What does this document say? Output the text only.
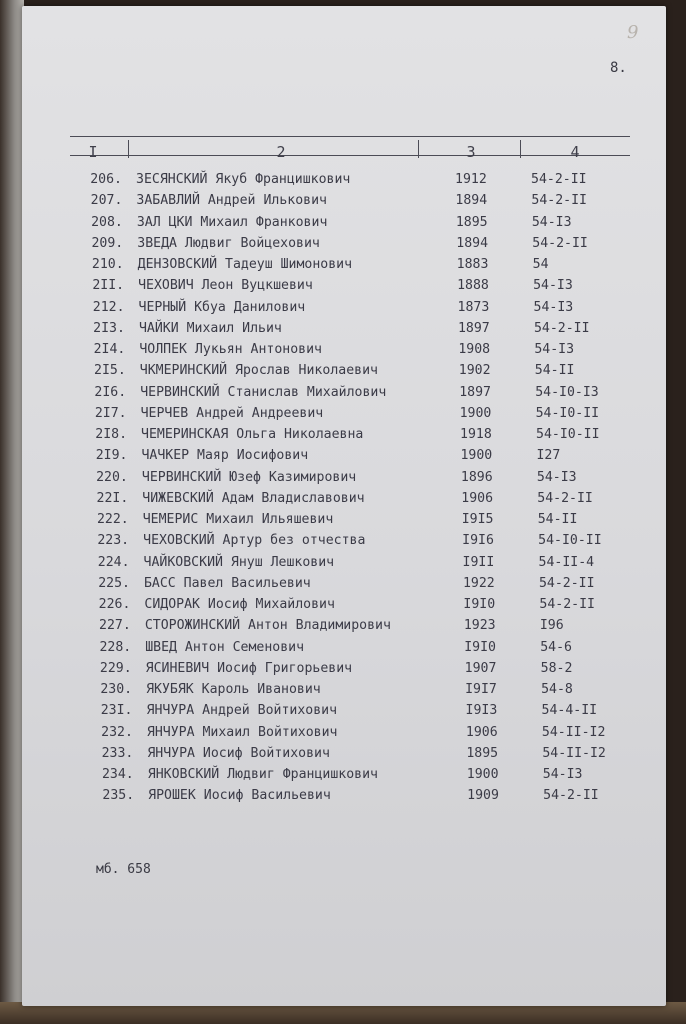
9
8.
I	2	3	4
206. ЗЕСЯНСКИЙ Якуб Францишкович	1912	54-2-II
207. ЗАБАВЛИЙ Андрей Илькович	1894	54-2-II
208. ЗАЛ ЦКИ Михаил Франкович	1895	54-I3
209. ЗВЕДА Людвиг Войцехович	1894	54-2-II
210. ДЕНЗОВСКИЙ Тадеуш Шимонович	1883	54
2II. ЧЕХОВИЧ Леон Вуцкшевич	1888	54-I3
212. ЧЕРНЫЙ Кбуа Данилович	1873	54-I3
2I3. ЧАЙКИ Михаил Ильич	1897	54-2-II
2I4. ЧОЛПЕК Лукьян Антонович	1908	54-I3
2I5. ЧКМЕРИНСКИЙ Ярослав Николаевич	1902	54-II
2I6. ЧЕРВИНСКИЙ Станислав Михайлович	1897	54-I0-I3
2I7. ЧЕРЧЕВ Андрей Андреевич	1900	54-I0-II
2I8. ЧЕМЕРИНСКАЯ Ольга Николаевна	1918	54-I0-II
2I9. ЧАЧКЕР Маяр Иосифович	1900	I27
220. ЧЕРВИНСКИЙ Юзеф Казимирович	1896	54-I3
22I. ЧИЖЕВСКИЙ Адам Владиславович	1906	54-2-II
222. ЧЕМЕРИС Михаил Ильяшевич	I9I5	54-II
223. ЧЕХОВСКИЙ Артур без отчества	I9I6	54-I0-II
224. ЧАЙКОВСКИЙ Януш Лешкович	I9II	54-II-4
225. БАСС Павел Васильевич	1922	54-2-II
226. СИДОРАК Иосиф Михайлович	I9I0	54-2-II
227. СТОРОЖИНСКИЙ Антон Владимирович	1923	I96
228. ШВЕД Антон Семенович	I9I0	54-6
229. ЯСИНЕВИЧ Иосиф Григорьевич	1907	58-2
230. ЯКУБЯК Кароль Иванович	I9I7	54-8
23I. ЯНЧУРА Андрей Войтихович	I9I3	54-4-II
232. ЯНЧУРА Михаил Войтихович	1906	54-II-I2
233. ЯНЧУРА Иосиф Войтихович	1895	54-II-I2
234. ЯНКОВСКИЙ Людвиг Францишкович	1900	54-I3
235. ЯРОШЕК Иосиф Васильевич	1909	54-2-II
мб. 658
